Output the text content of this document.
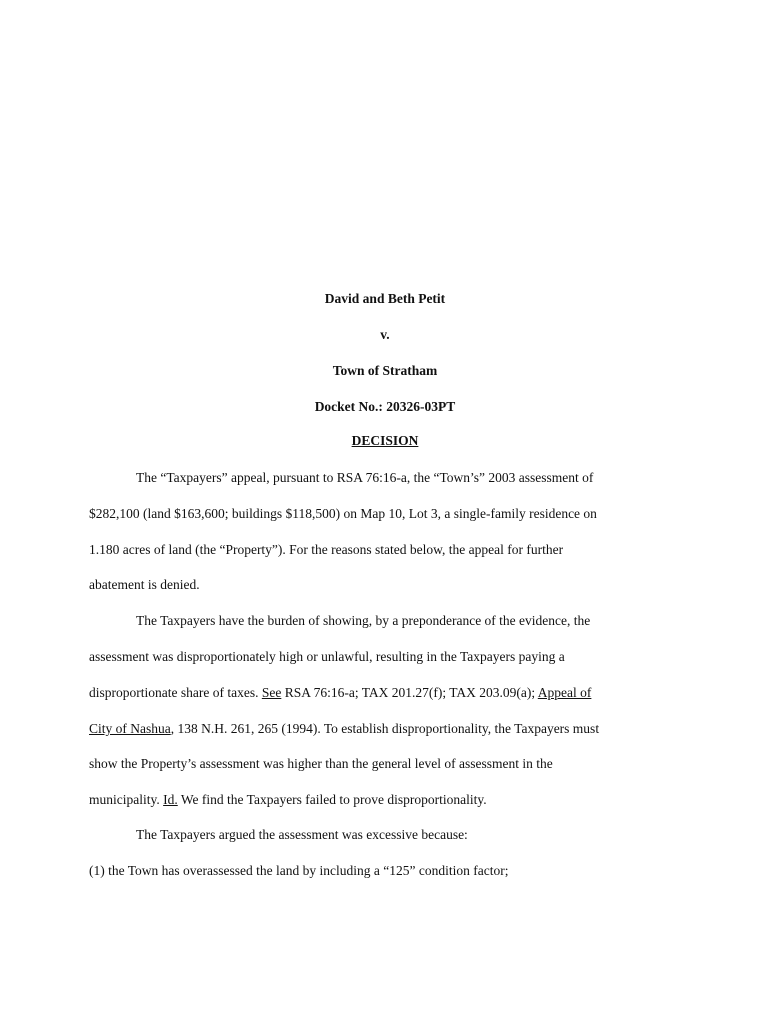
David and Beth Petit
v.
Town of Stratham
Docket No.: 20326-03PT
DECISION
The “Taxpayers” appeal, pursuant to RSA 76:16-a, the “Town’s” 2003 assessment of
$282,100 (land $163,600; buildings $118,500) on Map 10, Lot 3, a single-family residence on
1.180 acres of land (the “Property”). For the reasons stated below, the appeal for further
abatement is denied.
The Taxpayers have the burden of showing, by a preponderance of the evidence, the
assessment was disproportionately high or unlawful, resulting in the Taxpayers paying a
disproportionate share of taxes. See RSA 76:16-a; TAX 201.27(f); TAX 203.09(a); Appeal of
City of Nashua, 138 N.H. 261, 265 (1994). To establish disproportionality, the Taxpayers must
show the Property’s assessment was higher than the general level of assessment in the
municipality. Id. We find the Taxpayers failed to prove disproportionality.
The Taxpayers argued the assessment was excessive because:
(1) the Town has overassessed the land by including a “125” condition factor;
